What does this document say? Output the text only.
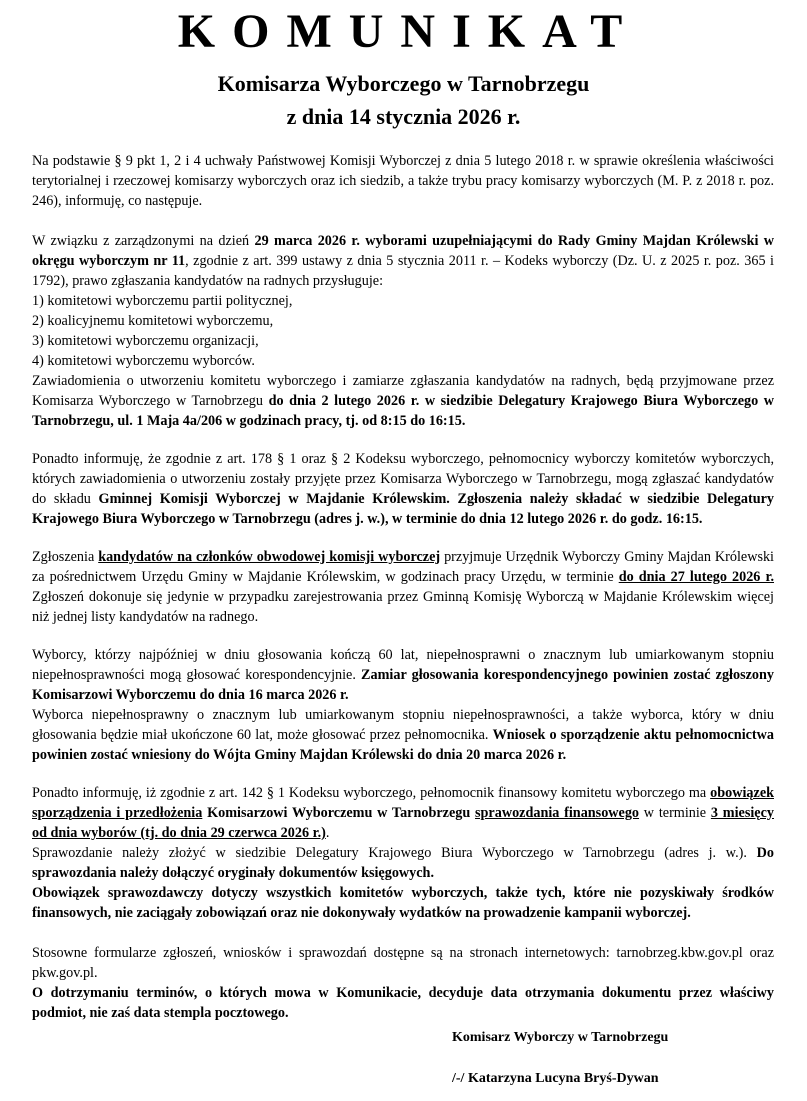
KOMUNIKAT
Komisarza Wyborczego w Tarnobrzegu
z dnia 14 stycznia 2026 r.

Na podstawie § 9 pkt 1, 2 i 4 uchwały Państwowej Komisji Wyborczej z dnia 5 lutego 2018 r. w sprawie określenia właściwości terytorialnej i rzeczowej komisarzy wyborczych oraz ich siedzib, a także trybu pracy komisarzy wyborczych (M. P. z 2018 r. poz. 246), informuję, co następuje.

W związku z zarządzonymi na dzień 29 marca 2026 r. wyborami uzupełniającymi do Rady Gminy Majdan Królewski w okręgu wyborczym nr 11, zgodnie z art. 399 ustawy z dnia 5 stycznia 2011 r. – Kodeks wyborczy (Dz. U. z 2025 r. poz. 365 i 1792), prawo zgłaszania kandydatów na radnych przysługuje:

1) komitetowi wyborczemu partii politycznej,

2) koalicyjnemu komitetowi wyborczemu,

3) komitetowi wyborczemu organizacji,

4) komitetowi wyborczemu wyborców.

Zawiadomienia o utworzeniu komitetu wyborczego i zamiarze zgłaszania kandydatów na radnych, będą przyjmowane przez Komisarza Wyborczego w Tarnobrzegu do dnia 2 lutego 2026 r. w siedzibie Delegatury Krajowego Biura Wyborczego w Tarnobrzegu, ul. 1 Maja 4a/206 w godzinach pracy, tj. od 8:15 do 16:15.

Ponadto informuję, że zgodnie z art. 178 § 1 oraz § 2 Kodeksu wyborczego, pełnomocnicy wyborczy komitetów wyborczych, których zawiadomienia o utworzeniu zostały przyjęte przez Komisarza Wyborczego w Tarnobrzegu, mogą zgłaszać kandydatów do składu Gminnej Komisji Wyborczej w Majdanie Królewskim. Zgłoszenia należy składać w siedzibie Delegatury Krajowego Biura Wyborczego w Tarnobrzegu (adres j. w.), w terminie do dnia 12 lutego 2026 r. do godz. 16:15.

Zgłoszenia kandydatów na członków obwodowej komisji wyborczej przyjmuje Urzędnik Wyborczy Gminy Majdan Królewski za pośrednictwem Urzędu Gminy w Majdanie Królewskim, w godzinach pracy Urzędu, w terminie do dnia 27 lutego 2026 r. Zgłoszeń dokonuje się jedynie w przypadku zarejestrowania przez Gminną Komisję Wyborczą w Majdanie Królewskim więcej niż jednej listy kandydatów na radnego.

Wyborcy, którzy najpóźniej w dniu głosowania kończą 60 lat, niepełnosprawni o znacznym lub umiarkowanym stopniu niepełnosprawności mogą głosować korespondencyjnie. Zamiar głosowania korespondencyjnego powinien zostać zgłoszony Komisarzowi Wyborczemu do dnia 16 marca 2026 r.

Wyborca niepełnosprawny o znacznym lub umiarkowanym stopniu niepełnosprawności, a także wyborca, który w dniu głosowania będzie miał ukończone 60 lat, może głosować przez pełnomocnika. Wniosek o sporządzenie aktu pełnomocnictwa powinien zostać wniesiony do Wójta Gminy Majdan Królewski do dnia 20 marca 2026 r.

Ponadto informuję, iż zgodnie z art. 142 § 1 Kodeksu wyborczego, pełnomocnik finansowy komitetu wyborczego ma obowiązek sporządzenia i przedłożenia Komisarzowi Wyborczemu w Tarnobrzegu sprawozdania finansowego w terminie 3 miesięcy od dnia wyborów (tj. do dnia 29 czerwca 2026 r.).

Sprawozdanie należy złożyć w siedzibie Delegatury Krajowego Biura Wyborczego w Tarnobrzegu (adres j. w.). Do sprawozdania należy dołączyć oryginały dokumentów księgowych.

Obowiązek sprawozdawczy dotyczy wszystkich komitetów wyborczych, także tych, które nie pozyskiwały środków finansowych, nie zaciągały zobowiązań oraz nie dokonywały wydatków na prowadzenie kampanii wyborczej.

Stosowne formularze zgłoszeń, wniosków i sprawozdań dostępne są na stronach internetowych: tarnobrzeg.kbw.gov.pl oraz pkw.gov.pl.

O dotrzymaniu terminów, o których mowa w Komunikacie, decyduje data otrzymania dokumentu przez właściwy podmiot, nie zaś data stempla pocztowego.

Komisarz Wyborczy w Tarnobrzegu
/-/ Katarzyna Lucyna Bryś-Dywan
